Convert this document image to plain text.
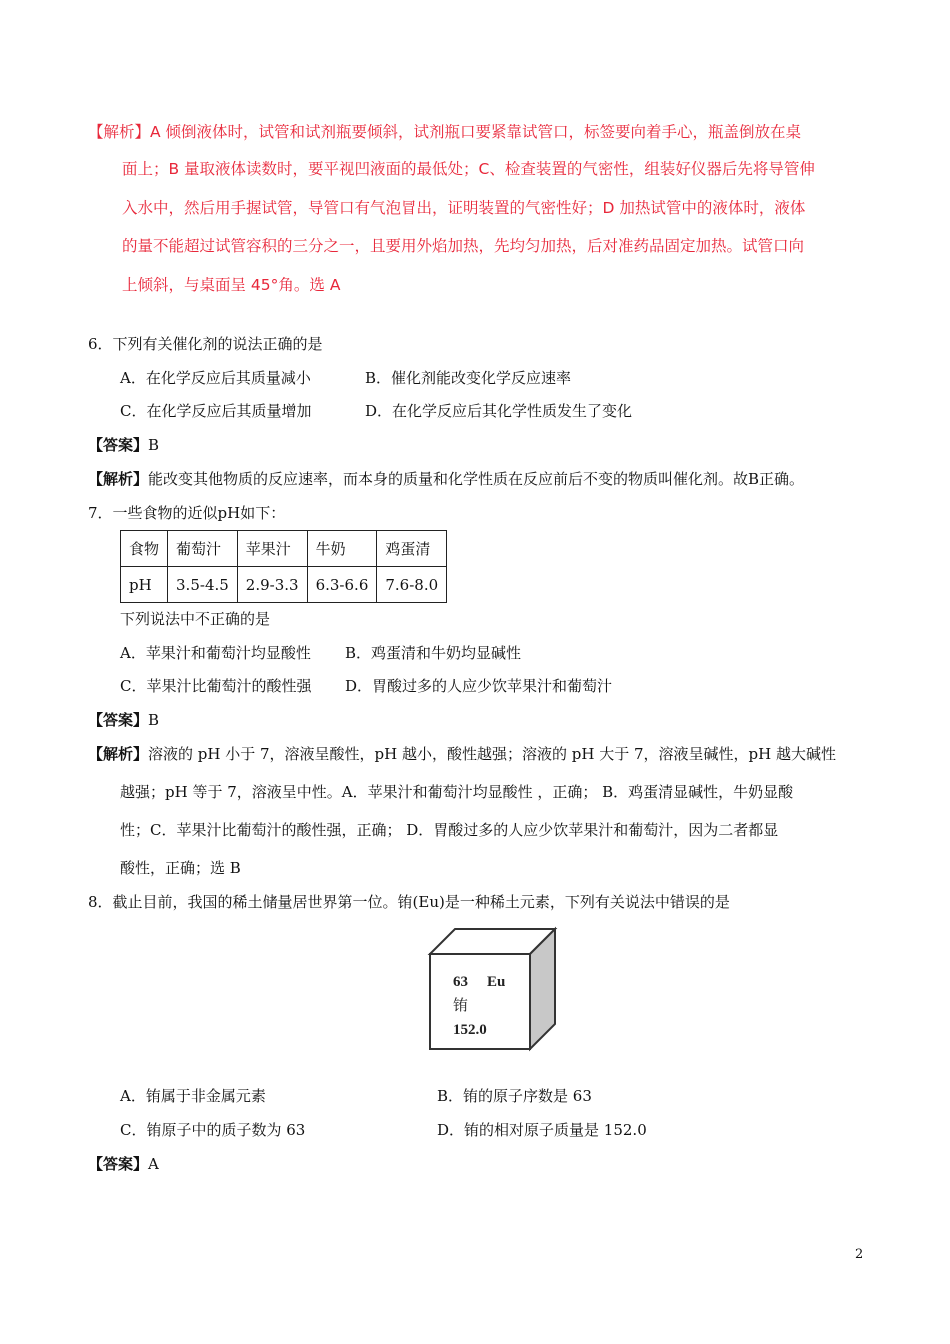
【解析】A 倾倒液体时，试管和试剂瓶要倾斜，试剂瓶口要紧靠试管口，标签要向着手心，瓶盖倒放在桌
面上；B 量取液体读数时，要平视凹液面的最低处；C、检查装置的气密性，组装好仪器后先将导管伸
入水中，然后用手握试管，导管口有气泡冒出，证明装置的气密性好；D 加热试管中的液体时，液体
的量不能超过试管容积的三分之一，且要用外焰加热，先均匀加热，后对准药品固定加热。试管口向
上倾斜，与桌面呈 45°角。选 A
6．下列有关催化剂的说法正确的是
A．在化学反应后其质量减小	B．催化剂能改变化学反应速率
C．在化学反应后其质量增加	D．在化学反应后其化学性质发生了变化
【答案】B
【解析】能改变其他物质的反应速率，而本身的质量和化学性质在反应前后不变的物质叫催化剂。故B正确。
7．一些食物的近似pH如下：
食物	葡萄汁	苹果汁	牛奶	鸡蛋清
pH	3.5-4.5	2.9-3.3	6.3-6.6	7.6-8.0
下列说法中不正确的是
A．苹果汁和葡萄汁均显酸性 B．鸡蛋清和牛奶均显碱性
C．苹果汁比葡萄汁的酸性强 D．胃酸过多的人应少饮苹果汁和葡萄汁
【答案】B
【解析】溶液的 pH 小于 7，溶液呈酸性，pH 越小，酸性越强；溶液的 pH 大于 7，溶液呈碱性，pH 越大碱性
越强；pH 等于 7，溶液呈中性。A．苹果汁和葡萄汁均显酸性 ，正确； B．鸡蛋清显碱性，牛奶显酸
性；C．苹果汁比葡萄汁的酸性强，正确； D．胃酸过多的人应少饮苹果汁和葡萄汁，因为二者都显
酸性，正确；选 B
8．截止目前，我国的稀土储量居世界第一位。铕(Eu)是一种稀土元素，下列有关说法中错误的是
63 Eu
铕
152.0
A．铕属于非金属元素	B．铕的原子序数是 63
C．铕原子中的质子数为 63	D．铕的相对原子质量是 152.0
【答案】A
2
